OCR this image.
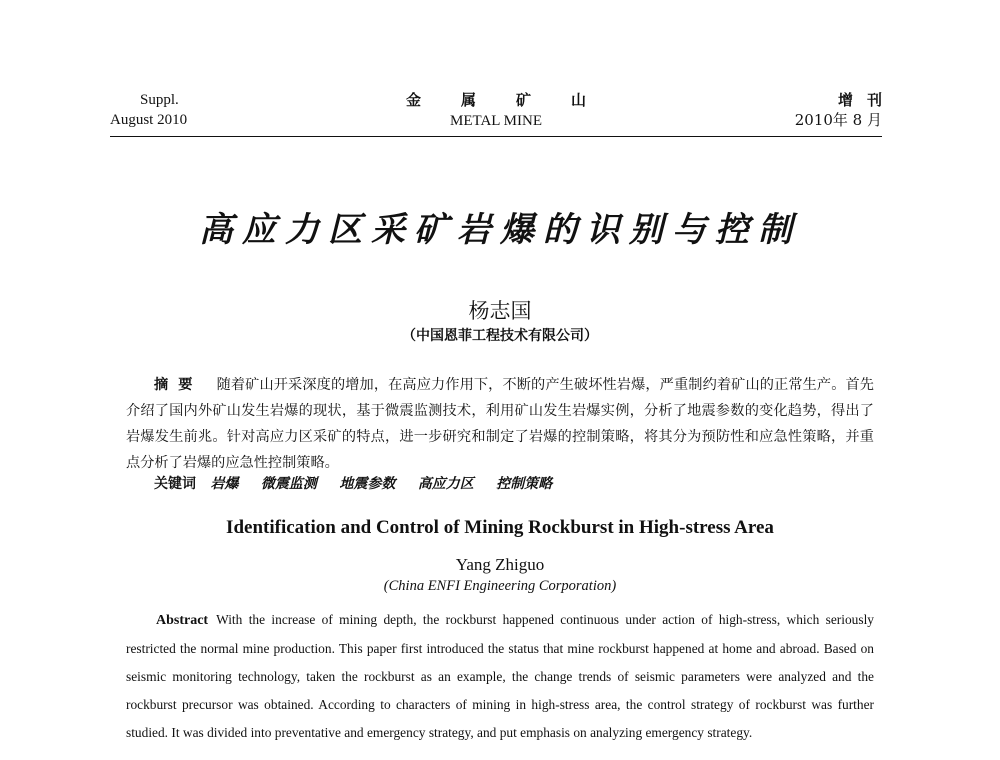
Suppl.
August 2010
金属矿山
METAL MINE
增刊
2010年 8 月
高应力区采矿岩爆的识别与控制
杨志国
（中国恩菲工程技术有限公司）
摘要 随着矿山开采深度的增加，在高应力作用下，不断的产生破坏性岩爆，严重制约着矿山的正常生产。首先介绍了国内外矿山发生岩爆的现状，基于微震监测技术，利用矿山发生岩爆实例，分析了地震参数的变化趋势，得出了岩爆发生前兆。针对高应力区采矿的特点，进一步研究和制定了岩爆的控制策略，将其分为预防性和应急性策略，并重点分析了岩爆的应急性控制策略。
关键词 岩爆 微震监测 地震参数 高应力区 控制策略
Identification and Control of Mining Rockburst in High-stress Area
Yang Zhiguo
(China ENFI Engineering Corporation)
Abstract With the increase of mining depth, the rockburst happened continuous under action of high-stress, which seriously restricted the normal mine production. This paper first introduced the status that mine rockburst happened at home and abroad. Based on seismic monitoring technology, taken the rockburst as an example, the change trends of seismic parameters were analyzed and the rockburst precursor was obtained. According to characters of mining in high-stress area, the control strategy of rockburst was further studied. It was divided into preventative and emergency strategy, and put emphasis on analyzing emergency strategy.
